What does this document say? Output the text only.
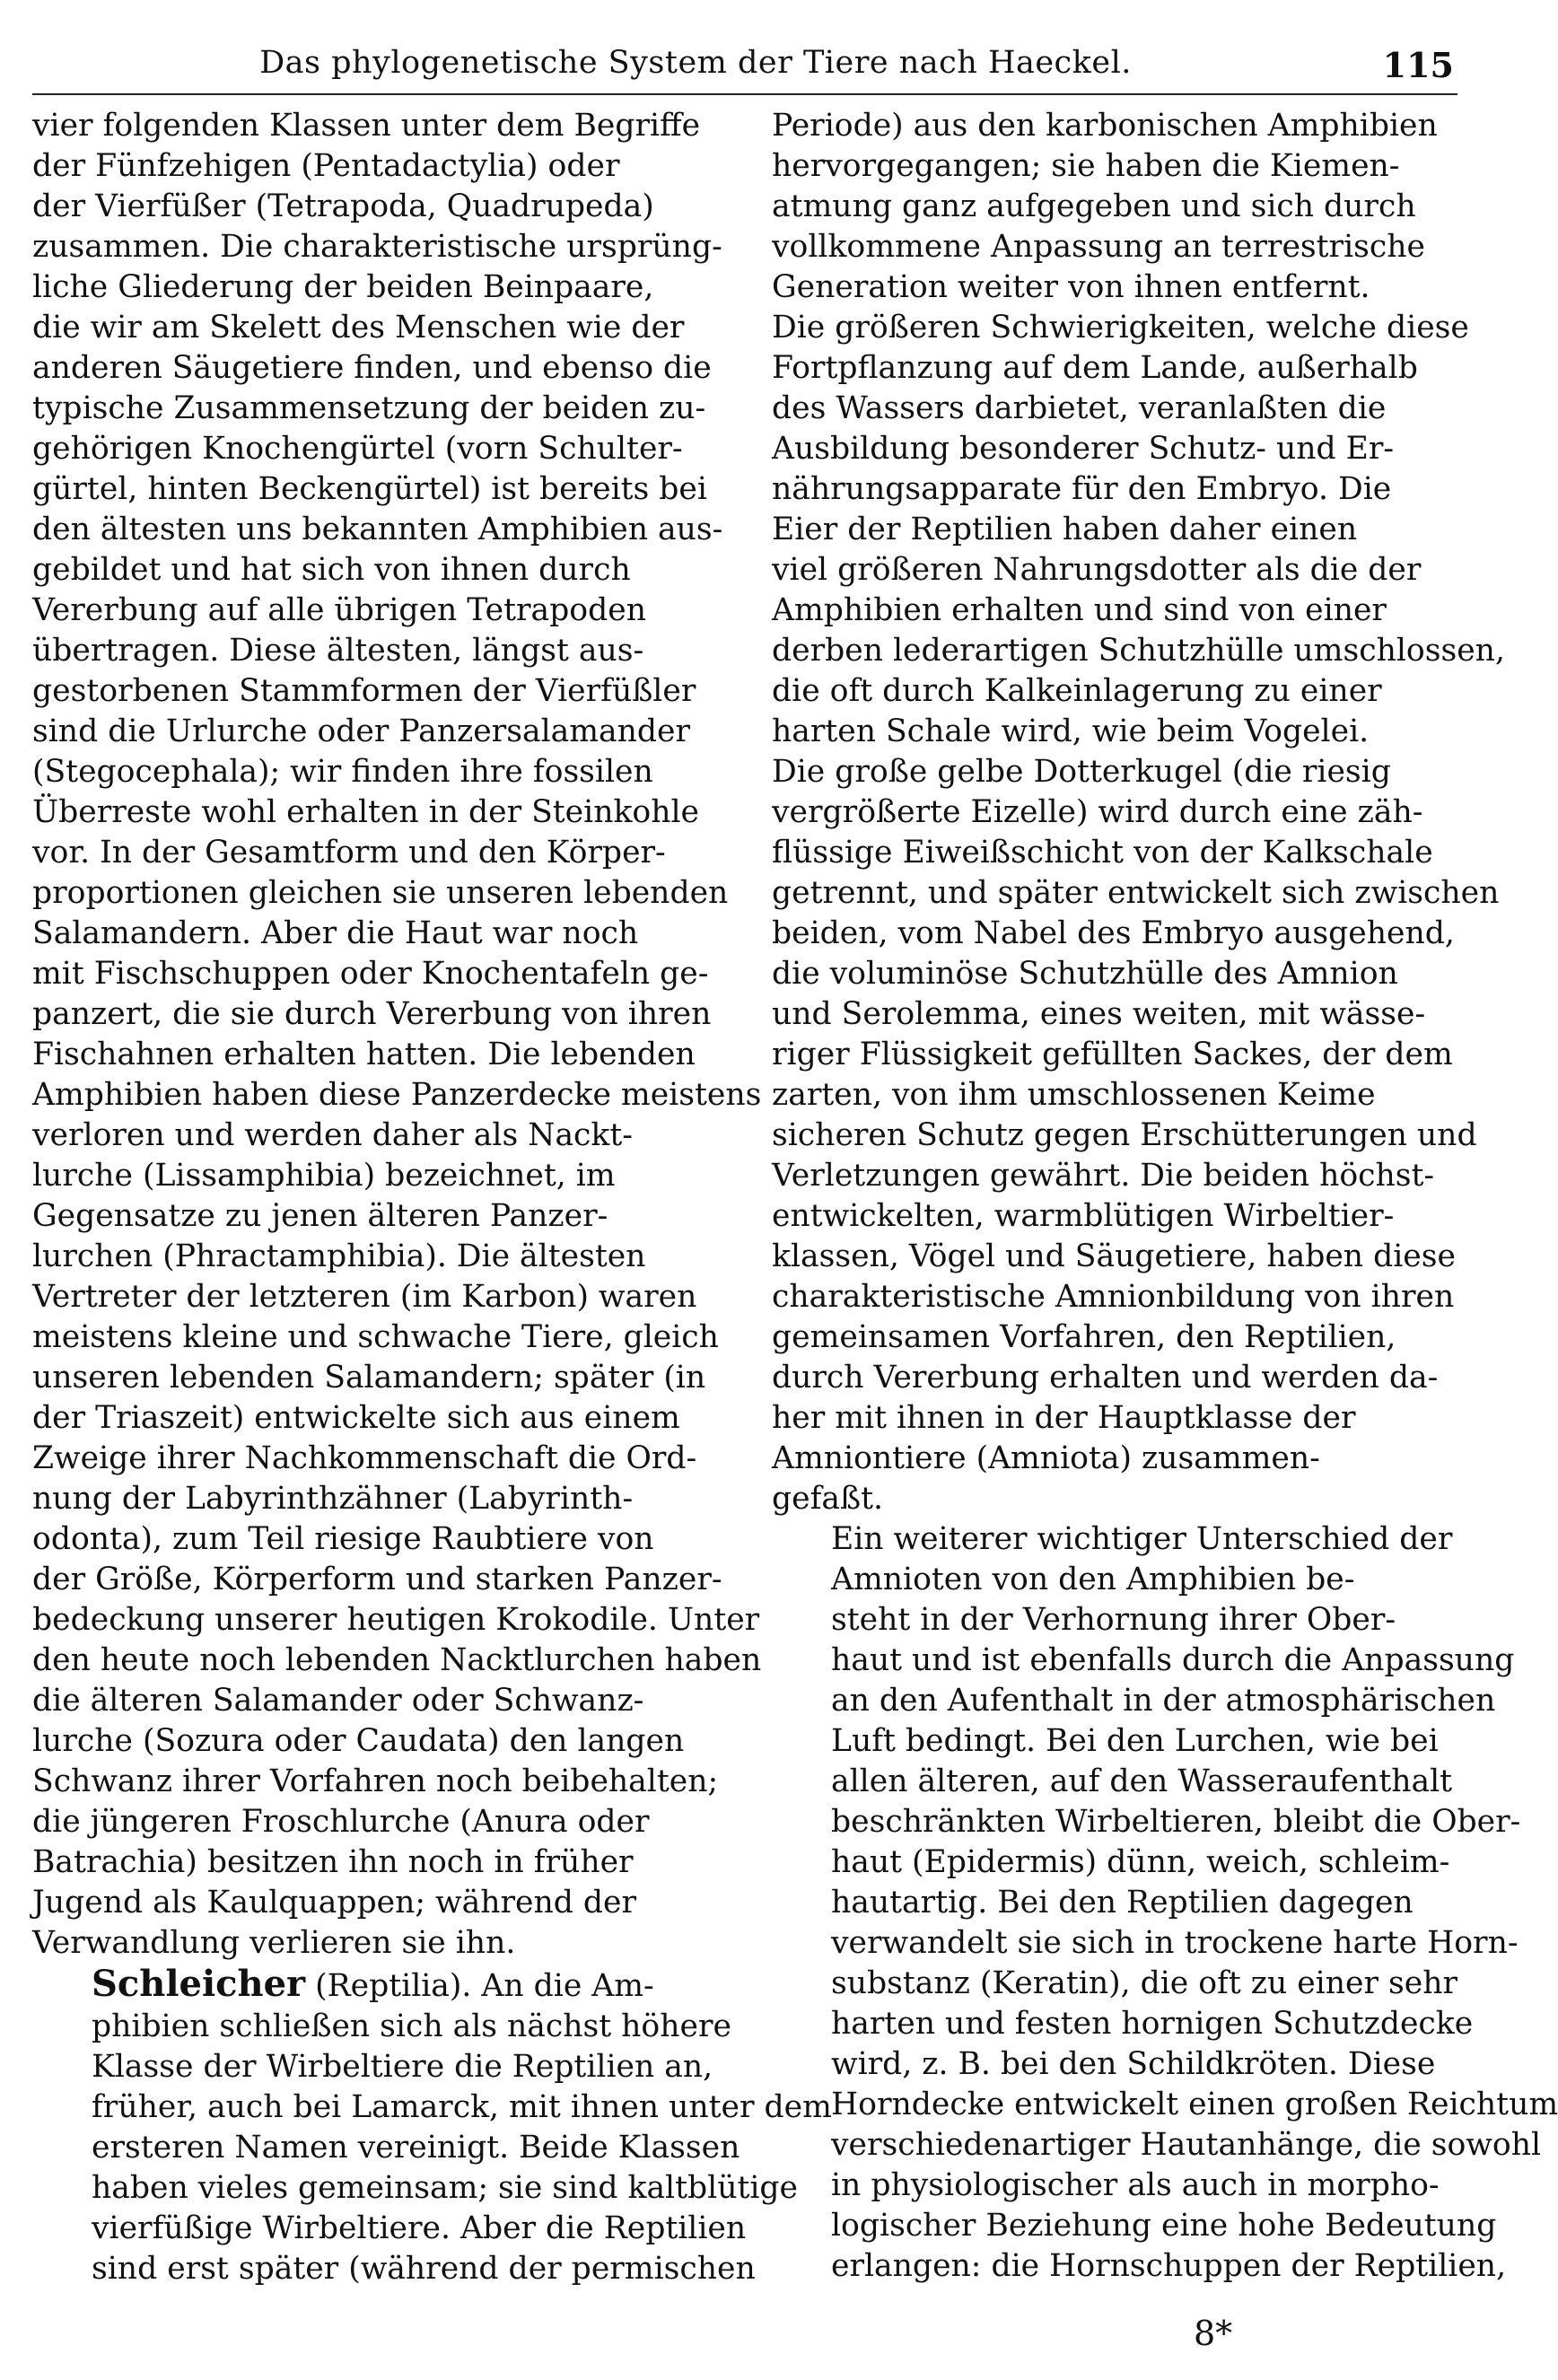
Das phylogenetische System der Tiere nach Haeckel.	115

vier folgenden Klassen unter dem Begriffe
der Fünfzehigen (Pentadactylia) oder
der Vierfüßer (Tetrapoda, Quadrupeda)
zusammen. Die charakteristische ursprüng-
liche Gliederung der beiden Beinpaare,
die wir am Skelett des Menschen wie der
anderen Säugetiere finden, und ebenso die
typische Zusammensetzung der beiden zu-
gehörigen Knochengürtel (vorn Schulter-
gürtel, hinten Beckengürtel) ist bereits bei
den ältesten uns bekannten Amphibien aus-
gebildet und hat sich von ihnen durch
Vererbung auf alle übrigen Tetrapoden
übertragen. Diese ältesten, längst aus-
gestorbenen Stammformen der Vierfüßler
sind die Urlurche oder Panzersalamander
(Stegocephala); wir finden ihre fossilen
Überreste wohl erhalten in der Steinkohle
vor. In der Gesamtform und den Körper-
proportionen gleichen sie unseren lebenden
Salamandern. Aber die Haut war noch
mit Fischschuppen oder Knochentafeln ge-
panzert, die sie durch Vererbung von ihren
Fischahnen erhalten hatten. Die lebenden
Amphibien haben diese Panzerdecke meistens
verloren und werden daher als Nackt-
lurche (Lissamphibia) bezeichnet, im
Gegensatze zu jenen älteren Panzer-
lurchen (Phractamphibia). Die ältesten
Vertreter der letzteren (im Karbon) waren
meistens kleine und schwache Tiere, gleich
unseren lebenden Salamandern; später (in
der Triaszeit) entwickelte sich aus einem
Zweige ihrer Nachkommenschaft die Ord-
nung der Labyrinthzähner (Labyrinth-
odonta), zum Teil riesige Raubtiere von
der Größe, Körperform und starken Panzer-
bedeckung unserer heutigen Krokodile. Unter
den heute noch lebenden Nacktlurchen haben
die älteren Salamander oder Schwanz-
lurche (Sozura oder Caudata) den langen
Schwanz ihrer Vorfahren noch beibehalten;
die jüngeren Froschlurche (Anura oder
Batrachia) besitzen ihn noch in früher
Jugend als Kaulquappen; während der
Verwandlung verlieren sie ihn.

Schleicher (Reptilia). An die Am-
phibien schließen sich als nächst höhere
Klasse der Wirbeltiere die Reptilien an,
früher, auch bei Lamarck, mit ihnen unter dem
ersteren Namen vereinigt. Beide Klassen
haben vieles gemeinsam; sie sind kaltblütige
vierfüßige Wirbeltiere. Aber die Reptilien
sind erst später (während der permischen

Periode) aus den karbonischen Amphibien
hervorgegangen; sie haben die Kiemen-
atmung ganz aufgegeben und sich durch
vollkommene Anpassung an terrestrische
Generation weiter von ihnen entfernt.
Die größeren Schwierigkeiten, welche diese
Fortpflanzung auf dem Lande, außerhalb
des Wassers darbietet, veranlaßten die
Ausbildung besonderer Schutz- und Er-
nährungsapparate für den Embryo. Die
Eier der Reptilien haben daher einen
viel größeren Nahrungsdotter als die der
Amphibien erhalten und sind von einer
derben lederartigen Schutzhülle umschlossen,
die oft durch Kalkeinlagerung zu einer
harten Schale wird, wie beim Vogelei.
Die große gelbe Dotterkugel (die riesig
vergrößerte Eizelle) wird durch eine zäh-
flüssige Eiweißschicht von der Kalkschale
getrennt, und später entwickelt sich zwischen
beiden, vom Nabel des Embryo ausgehend,
die voluminöse Schutzhülle des Amnion
und Serolemma, eines weiten, mit wässe-
riger Flüssigkeit gefüllten Sackes, der dem
zarten, von ihm umschlossenen Keime
sicheren Schutz gegen Erschütterungen und
Verletzungen gewährt. Die beiden höchst-
entwickelten, warmblütigen Wirbeltier-
klassen, Vögel und Säugetiere, haben diese
charakteristische Amnionbildung von ihren
gemeinsamen Vorfahren, den Reptilien,
durch Vererbung erhalten und werden da-
her mit ihnen in der Hauptklasse der
Amniontiere (Amniota) zusammen-
gefaßt.

Ein weiterer wichtiger Unterschied der
Amnioten von den Amphibien be-
steht in der Verhornung ihrer Ober-
haut und ist ebenfalls durch die Anpassung
an den Aufenthalt in der atmosphärischen
Luft bedingt. Bei den Lurchen, wie bei
allen älteren, auf den Wasseraufenthalt
beschränkten Wirbeltieren, bleibt die Ober-
haut (Epidermis) dünn, weich, schleim-
hautartig. Bei den Reptilien dagegen
verwandelt sie sich in trockene harte Horn-
substanz (Keratin), die oft zu einer sehr
harten und festen hornigen Schutzdecke
wird, z. B. bei den Schildkröten. Diese
Horndecke entwickelt einen großen Reichtum
verschiedenartiger Hautanhänge, die sowohl
in physiologischer als auch in morpho-
logischer Beziehung eine hohe Bedeutung
erlangen: die Hornschuppen der Reptilien,

8*
